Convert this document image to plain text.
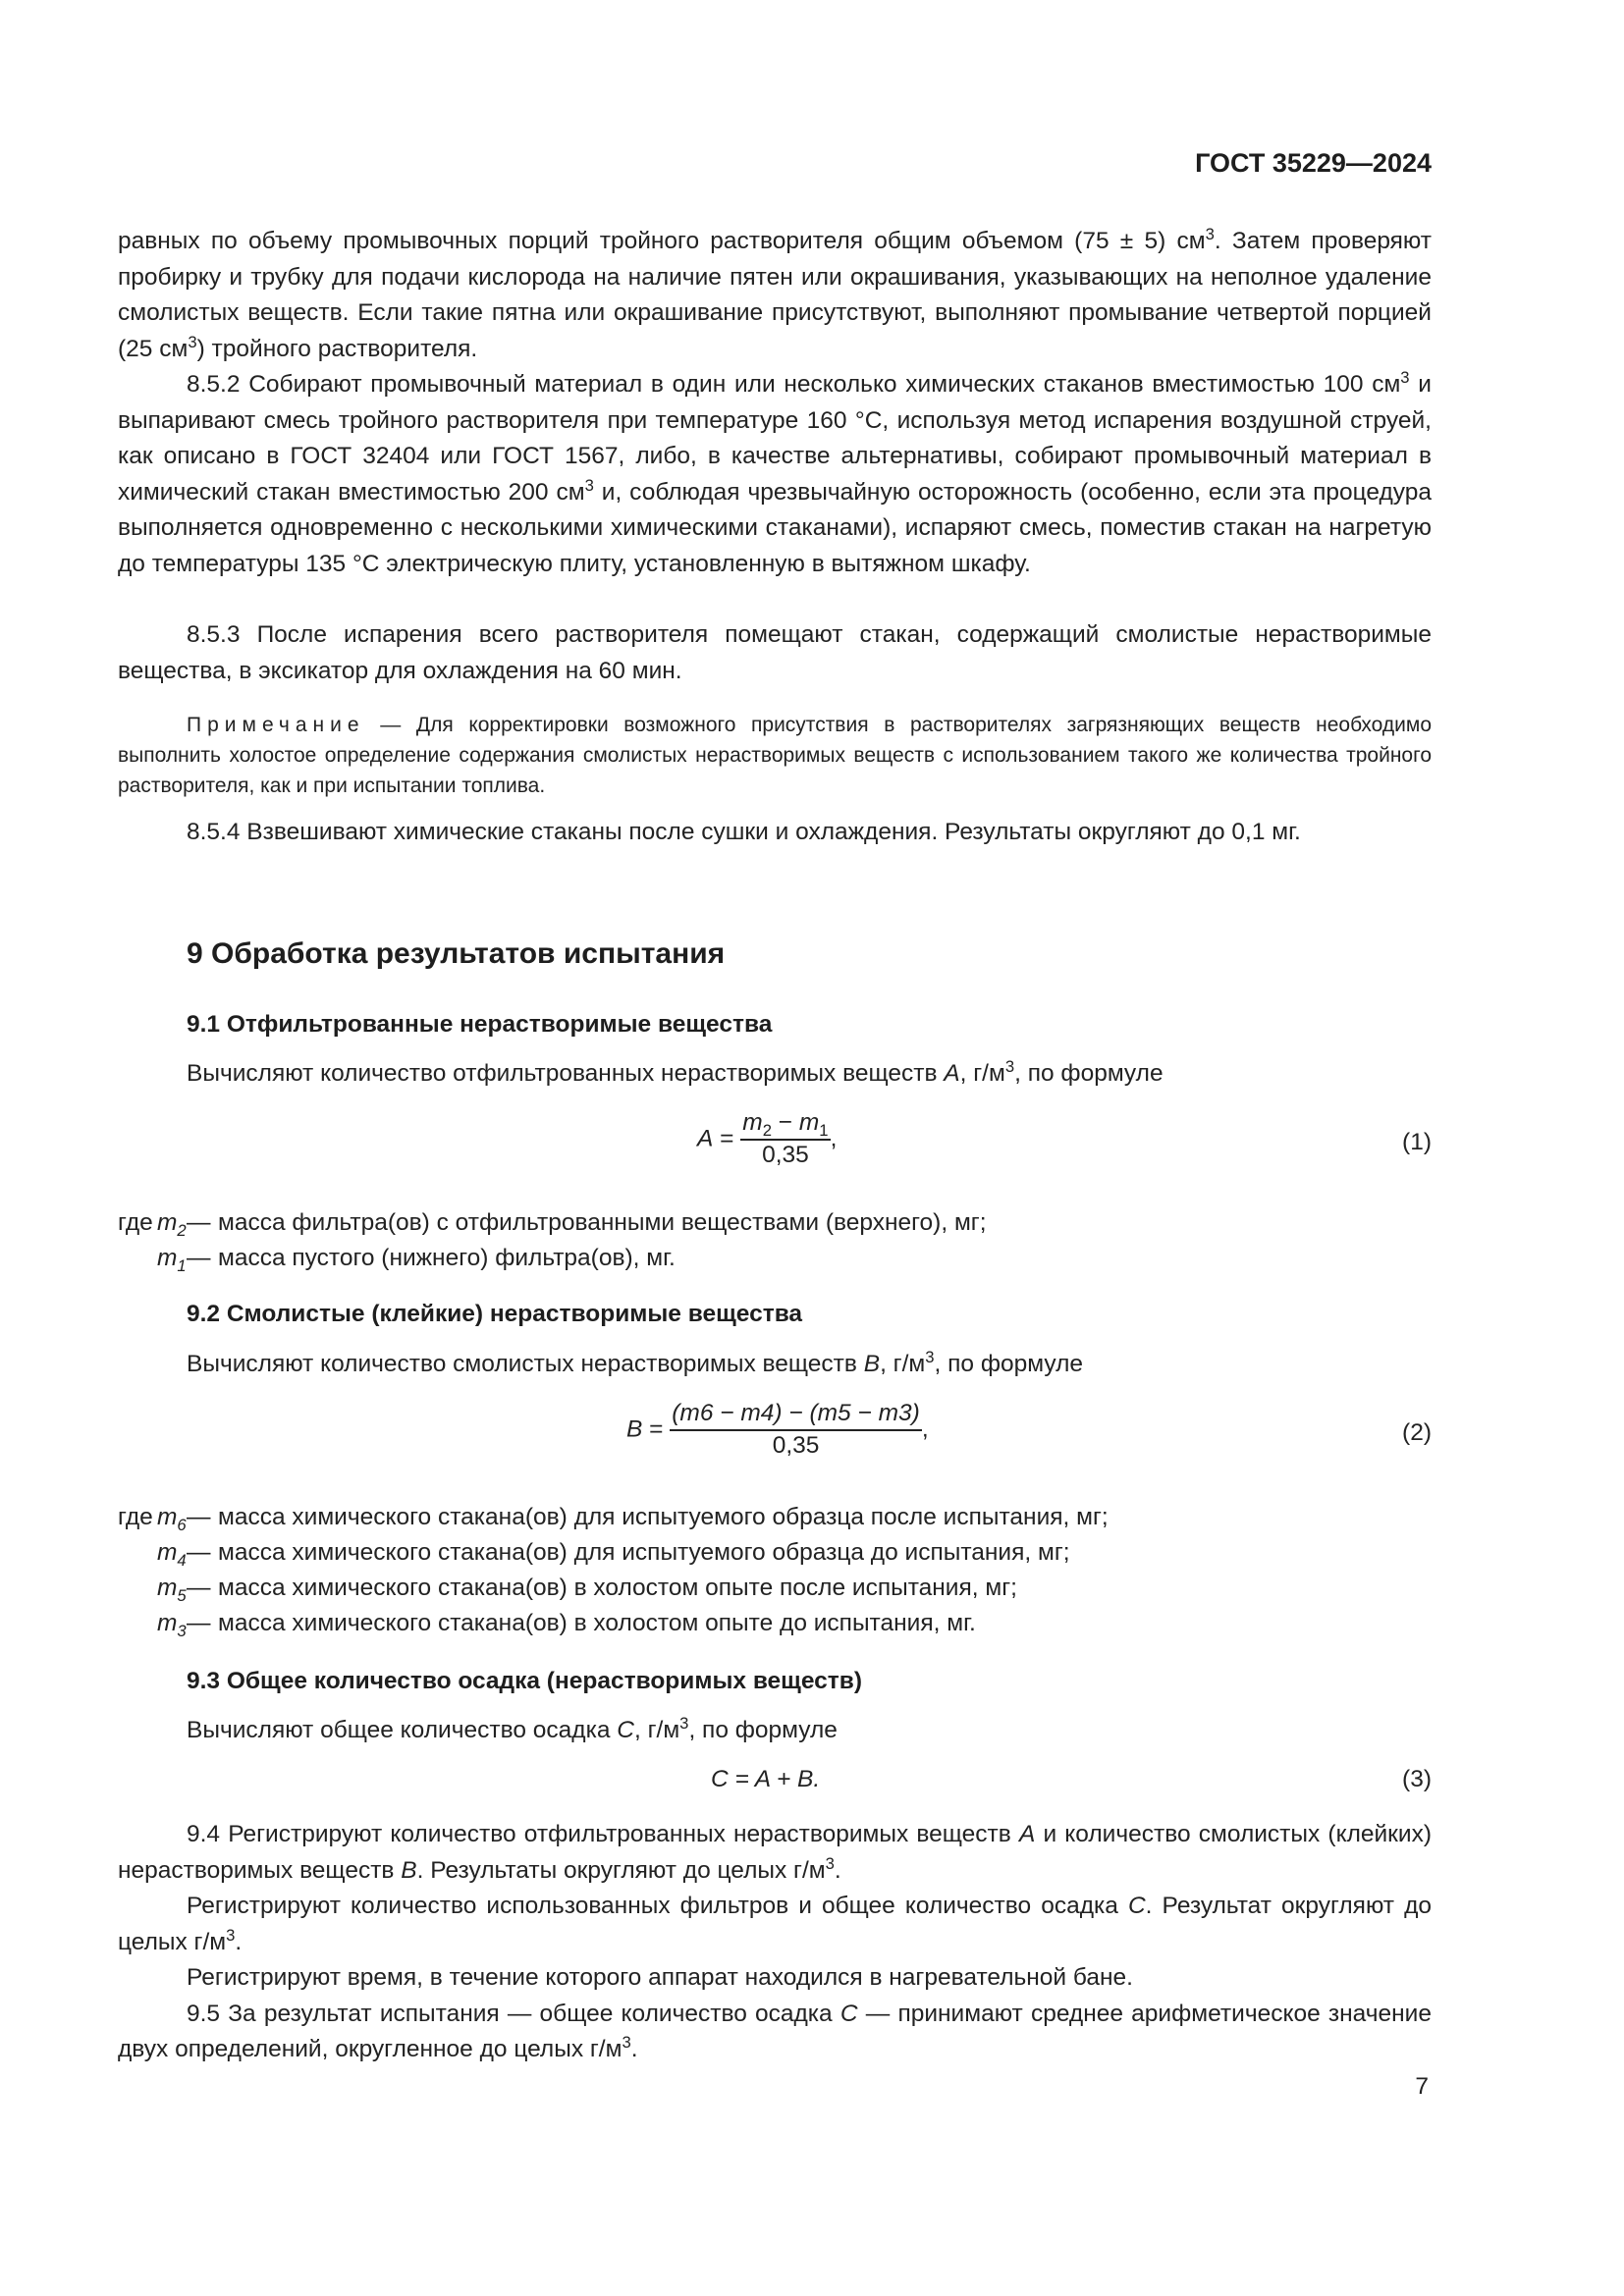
ГОСТ 35229—2024

равных по объему промывочных порций тройного растворителя общим объемом (75 ± 5) $см^3$. Затем проверяют пробирку и трубку для подачи кислорода на наличие пятен или окрашивания, указывающих на неполное удаление смолистых веществ. Если такие пятна или окрашивание присутствуют, выполняют промывание четвертой порцией (25 $см^3$) тройного растворителя.

8.5.2 Собирают промывочный материал в один или несколько химических стаканов вместимостью 100 $см^3$ и выпаривают смесь тройного растворителя при температуре 160 °С, используя метод испарения воздушной струей, как описано в ГОСТ 32404 или ГОСТ 1567, либо, в качестве альтернативы, собирают промывочный материал в химический стакан вместимостью 200 $см^3$ и, соблюдая чрезвычайную осторожность (особенно, если эта процедура выполняется одновременно с несколькими химическими стаканами), испаряют смесь, поместив стакан на нагретую до температуры 135 °С электрическую плиту, установленную в вытяжном шкафу.

8.5.3 После испарения всего растворителя помещают стакан, содержащий смолистые нерастворимые вещества, в эксикатор для охлаждения на 60 мин.

Примечание — Для корректировки возможного присутствия в растворителях загрязняющих веществ необходимо выполнить холостое определение содержания смолистых нерастворимых веществ с использованием такого же количества тройного растворителя, как и при испытании топлива.

8.5.4 Взвешивают химические стаканы после сушки и охлаждения. Результаты округляют до 0,1 мг.

9 Обработка результатов испытания
9.1 Отфильтрованные нерастворимые вещества
Вычисляют количество отфильтрованных нерастворимых веществ A, $г/м^3$, по формуле
$A = \frac{m_2 - m_1}{0,35}$ ,	(1)
где $m_2$ — масса фильтра(ов) с отфильтрованными веществами (верхнего), мг;
$m_1$ — масса пустого (нижнего) фильтра(ов), мг.
9.2 Смолистые (клейкие) нерастворимые вещества
Вычисляют количество смолистых нерастворимых веществ B, $г/м^3$, по формуле
$B = \frac{(m6 - m4) - (m5 - m3)}{0,35}$ ,	(2)
где $m_6$ — масса химического стакана(ов) для испытуемого образца после испытания, мг;
$m_4$ — масса химического стакана(ов) для испытуемого образца до испытания, мг;
$m_5$ — масса химического стакана(ов) в холостом опыте после испытания, мг;
$m_3$ — масса химического стакана(ов) в холостом опыте до испытания, мг.
9.3 Общее количество осадка (нерастворимых веществ)
Вычисляют общее количество осадка C, $г/м^3$, по формуле
C = A + B.	(3)

9.4 Регистрируют количество отфильтрованных нерастворимых веществ A и количество смолистых (клейких) нерастворимых веществ B. Результаты округляют до целых $г/м^3$.

Регистрируют количество использованных фильтров и общее количество осадка C. Результат округляют до целых $г/м^3$.

Регистрируют время, в течение которого аппарат находился в нагревательной бане.

9.5 За результат испытания — общее количество осадка C — принимают среднее арифметическое значение двух определений, округленное до целых $г/м^3$.

7
